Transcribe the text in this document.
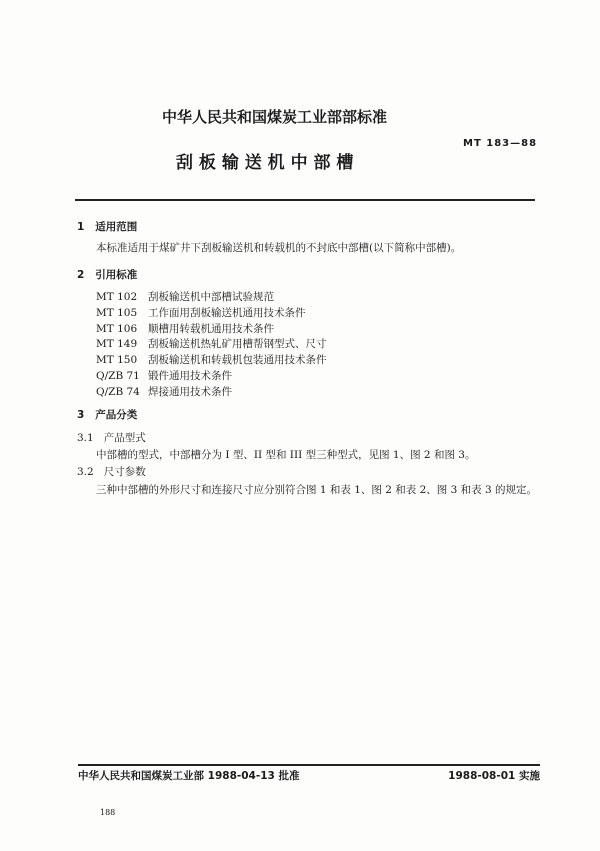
中华人民共和国煤炭工业部部标准
MT 183—88
刮 板 输 送 机 中 部 槽
1 适用范围
本标准适用于煤矿井下刮板输送机和转载机的不封底中部槽(以下简称中部槽)。
2 引用标准
MT 102 刮板输送机中部槽试验规范
MT 105 工作面用刮板输送机通用技术条件
MT 106 顺槽用转载机通用技术条件
MT 149 刮板输送机热轧矿用槽帮钢型式、尺寸
MT 150 刮板输送机和转载机包装通用技术条件
Q/ZB 71 锻件通用技术条件
Q/ZB 74 焊接通用技术条件
3 产品分类
3.1 产品型式
中部槽的型式，中部槽分为 I 型、II 型和 III 型三种型式，见图 1、图 2 和图 3。
3.2 尺寸参数
三种中部槽的外形尺寸和连接尺寸应分别符合图 1 和表 1、图 2 和表 2、图 3 和表 3 的规定。
中华人民共和国煤炭工业部 1988-04-13 批准	1988-08-01 实施
188
